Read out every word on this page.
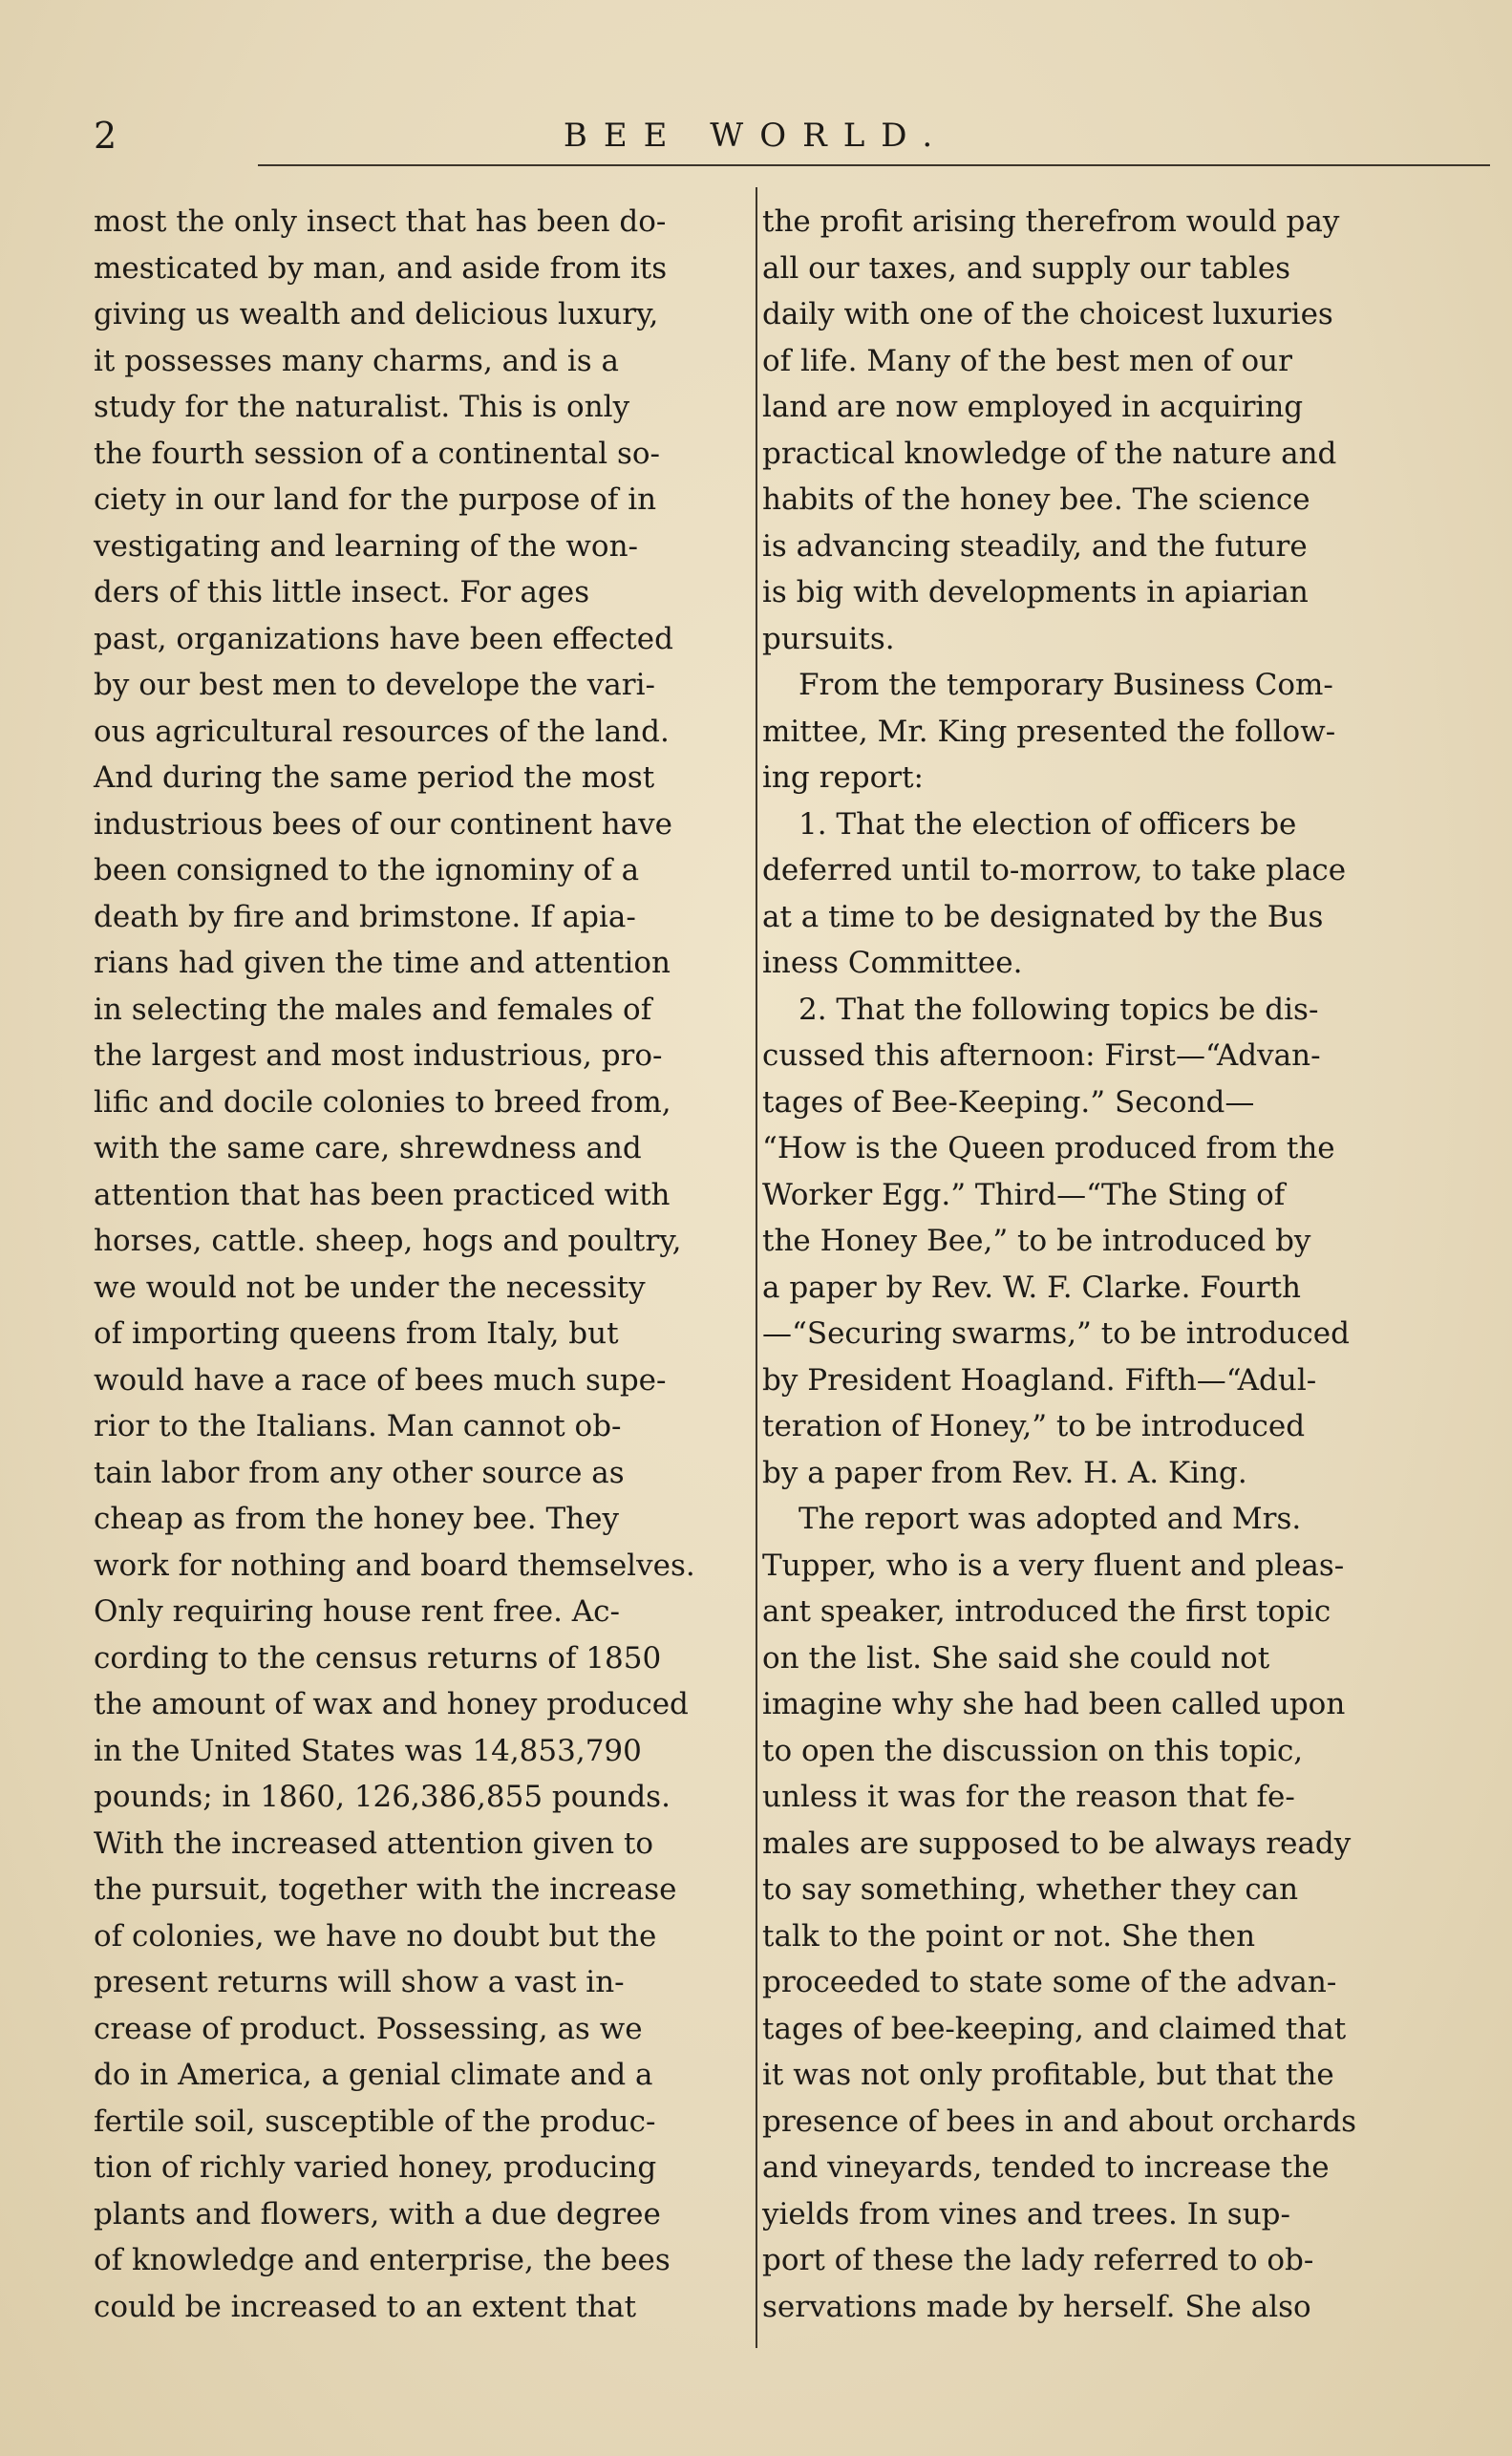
2	BEE WORLD.
most the only insect that has been do-
mesticated by man, and aside from its
giving us wealth and delicious luxury,
it possesses many charms, and is a
study for the naturalist. This is only
the fourth session of a continental so-
ciety in our land for the purpose of in
vestigating and learning of the won-
ders of this little insect. For ages
past, organizations have been effected
by our best men to develope the vari-
ous agricultural resources of the land.
And during the same period the most
industrious bees of our continent have
been consigned to the ignominy of a
death by fire and brimstone. If apia-
rians had given the time and attention
in selecting the males and females of
the largest and most industrious, pro-
lific and docile colonies to breed from,
with the same care, shrewdness and
attention that has been practiced with
horses, cattle. sheep, hogs and poultry,
we would not be under the necessity
of importing queens from Italy, but
would have a race of bees much supe-
rior to the Italians. Man cannot ob-
tain labor from any other source as
cheap as from the honey bee. They
work for nothing and board themselves.
Only requiring house rent free. Ac-
cording to the census returns of 1850
the amount of wax and honey produced
in the United States was 14,853,790
pounds; in 1860, 126,386,855 pounds.
With the increased attention given to
the pursuit, together with the increase
of colonies, we have no doubt but the
present returns will show a vast in-
crease of product. Possessing, as we
do in America, a genial climate and a
fertile soil, susceptible of the produc-
tion of richly varied honey, producing
plants and flowers, with a due degree
of knowledge and enterprise, the bees
could be increased to an extent that
the profit arising therefrom would pay
all our taxes, and supply our tables
daily with one of the choicest luxuries
of life. Many of the best men of our
land are now employed in acquiring
practical knowledge of the nature and
habits of the honey bee. The science
is advancing steadily, and the future
is big with developments in apiarian
pursuits.
From the temporary Business Com-
mittee, Mr. King presented the follow-
ing report:
1. That the election of officers be
deferred until to-morrow, to take place
at a time to be designated by the Bus
iness Committee.
2. That the following topics be dis-
cussed this afternoon: First—“Advan-
tages of Bee-Keeping.” Second—
“How is the Queen produced from the
Worker Egg.” Third—“The Sting of
the Honey Bee,” to be introduced by
a paper by Rev. W. F. Clarke. Fourth
—“Securing swarms,” to be introduced
by President Hoagland. Fifth—“Adul-
teration of Honey,” to be introduced
by a paper from Rev. H. A. King.
The report was adopted and Mrs.
Tupper, who is a very fluent and pleas-
ant speaker, introduced the first topic
on the list. She said she could not
imagine why she had been called upon
to open the discussion on this topic,
unless it was for the reason that fe-
males are supposed to be always ready
to say something, whether they can
talk to the point or not. She then
proceeded to state some of the advan-
tages of bee-keeping, and claimed that
it was not only profitable, but that the
presence of bees in and about orchards
and vineyards, tended to increase the
yields from vines and trees. In sup-
port of these the lady referred to ob-
servations made by herself. She also
